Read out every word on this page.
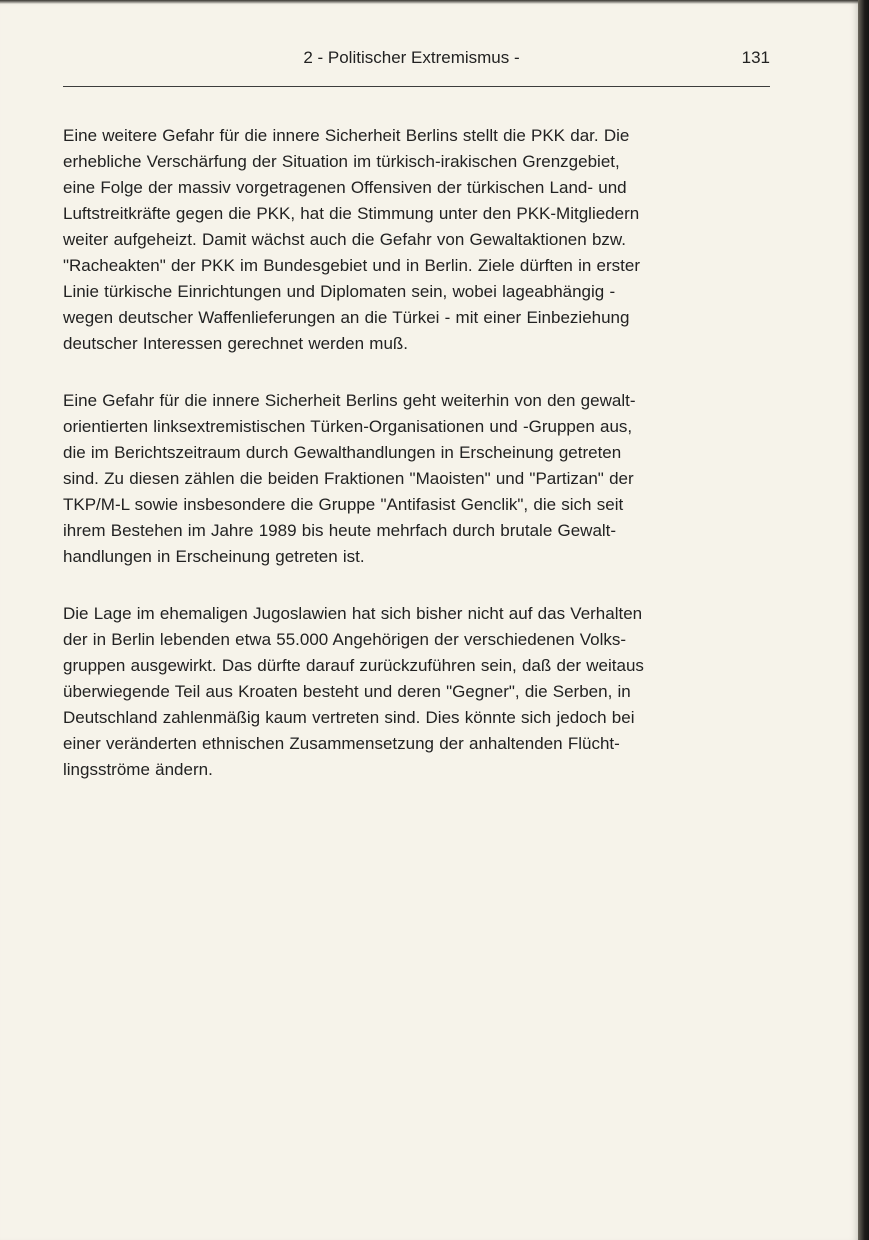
2 - Politischer Extremismus -	131

Eine weitere Gefahr für die innere Sicherheit Berlins stellt die PKK dar. Die
erhebliche Verschärfung der Situation im türkisch-irakischen Grenzgebiet,
eine Folge der massiv vorgetragenen Offensiven der türkischen Land- und
Luftstreitkräfte gegen die PKK, hat die Stimmung unter den PKK-Mitgliedern
weiter aufgeheizt. Damit wächst auch die Gefahr von Gewaltaktionen bzw.
"Racheakten" der PKK im Bundesgebiet und in Berlin. Ziele dürften in erster
Linie türkische Einrichtungen und Diplomaten sein, wobei lageabhängig -
wegen deutscher Waffenlieferungen an die Türkei - mit einer Einbeziehung
deutscher Interessen gerechnet werden muß.

Eine Gefahr für die innere Sicherheit Berlins geht weiterhin von den gewalt-
orientierten linksextremistischen Türken-Organisationen und -Gruppen aus,
die im Berichtszeitraum durch Gewalthandlungen in Erscheinung getreten
sind. Zu diesen zählen die beiden Fraktionen "Maoisten" und "Partizan" der
TKP/M-L sowie insbesondere die Gruppe "Antifasist Genclik", die sich seit
ihrem Bestehen im Jahre 1989 bis heute mehrfach durch brutale Gewalt-
handlungen in Erscheinung getreten ist.

Die Lage im ehemaligen Jugoslawien hat sich bisher nicht auf das Verhalten
der in Berlin lebenden etwa 55.000 Angehörigen der verschiedenen Volks-
gruppen ausgewirkt. Das dürfte darauf zurückzuführen sein, daß der weitaus
überwiegende Teil aus Kroaten besteht und deren "Gegner", die Serben, in
Deutschland zahlenmäßig kaum vertreten sind. Dies könnte sich jedoch bei
einer veränderten ethnischen Zusammensetzung der anhaltenden Flücht-
lingsströme ändern.
